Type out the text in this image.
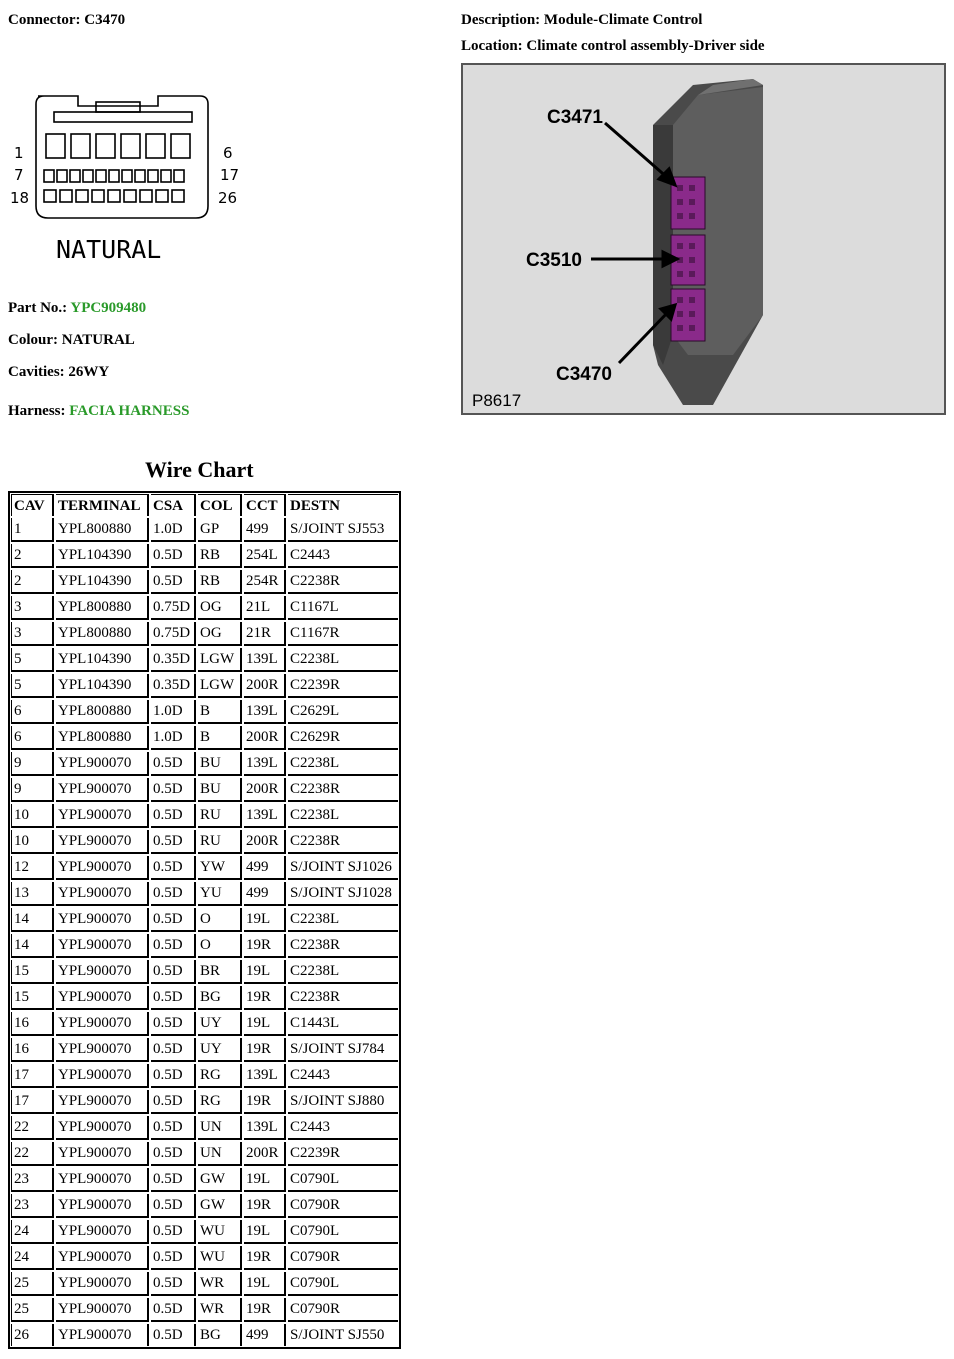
Connector: C3470	Description: Module-Climate Control
Location: Climate control assembly-Driver side
1	6
7	17
18	26
NATURAL
Part No.: YPC909480
Colour: NATURAL
Cavities: 26WY
Harness: FACIA HARNESS
C3471
C3510
C3470
P8617
Wire Chart
CAV	TERMINAL	CSA	COL	CCT	DESTN
1	YPL800880	1.0D	GP	499	S/JOINT SJ553
2	YPL104390	0.5D	RB	254L	C2443
2	YPL104390	0.5D	RB	254R	C2238R
3	YPL800880	0.75D	OG	21L	C1167L
3	YPL800880	0.75D	OG	21R	C1167R
5	YPL104390	0.35D	LGW	139L	C2238L
5	YPL104390	0.35D	LGW	200R	C2239R
6	YPL800880	1.0D	B	139L	C2629L
6	YPL800880	1.0D	B	200R	C2629R
9	YPL900070	0.5D	BU	139L	C2238L
9	YPL900070	0.5D	BU	200R	C2238R
10	YPL900070	0.5D	RU	139L	C2238L
10	YPL900070	0.5D	RU	200R	C2238R
12	YPL900070	0.5D	YW	499	S/JOINT SJ1026
13	YPL900070	0.5D	YU	499	S/JOINT SJ1028
14	YPL900070	0.5D	O	19L	C2238L
14	YPL900070	0.5D	O	19R	C2238R
15	YPL900070	0.5D	BR	19L	C2238L
15	YPL900070	0.5D	BG	19R	C2238R
16	YPL900070	0.5D	UY	19L	C1443L
16	YPL900070	0.5D	UY	19R	S/JOINT SJ784
17	YPL900070	0.5D	RG	139L	C2443
17	YPL900070	0.5D	RG	19R	S/JOINT SJ880
22	YPL900070	0.5D	UN	139L	C2443
22	YPL900070	0.5D	UN	200R	C2239R
23	YPL900070	0.5D	GW	19L	C0790L
23	YPL900070	0.5D	GW	19R	C0790R
24	YPL900070	0.5D	WU	19L	C0790L
24	YPL900070	0.5D	WU	19R	C0790R
25	YPL900070	0.5D	WR	19L	C0790L
25	YPL900070	0.5D	WR	19R	C0790R
26	YPL900070	0.5D	BG	499	S/JOINT SJ550
